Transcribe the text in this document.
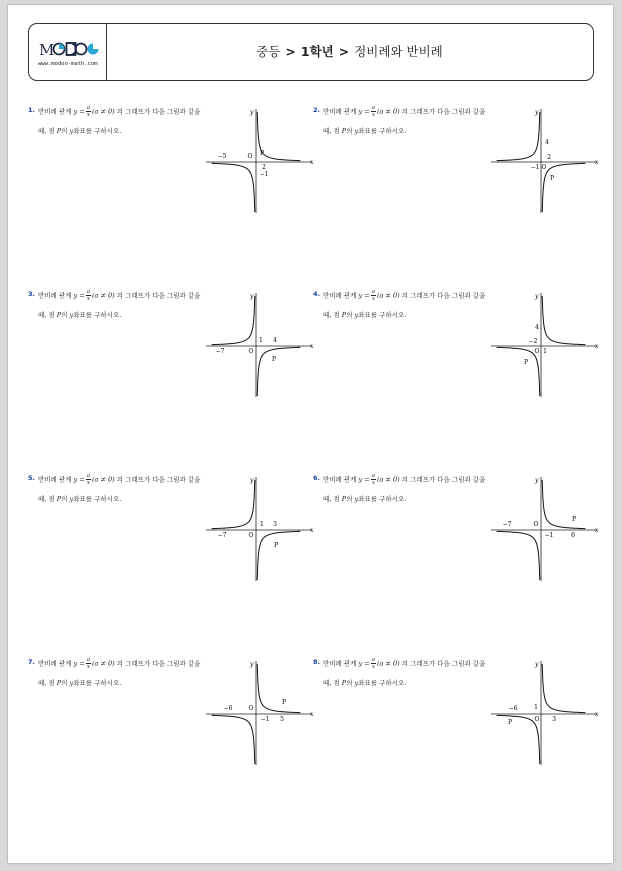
M
www.modoo-math.com
중등 > 1학년 > 정비례와 반비례
1. 반비례 관계 $y = \frac{a}{x} (a \ne 0)$ 의 그래프가 다음 그림과 같을
때, 점 P의 y좌표를 구하시오.
x
y
−5	O P
2
−1
2. 반비례 관계 $y = \frac{a}{x} (a \ne 0)$ 의 그래프가 다음 그림과 같을
때, 점 P의 y좌표를 구하시오.
x
y
4
2
−1 O
P
3. 반비례 관계 $y = \frac{a}{x} (a \ne 0)$ 의 그래프가 다음 그림과 같을
때, 점 P의 y좌표를 구하시오.
x
y
1 4
−7	O
P
4. 반비례 관계 $y = \frac{a}{x} (a \ne 0)$ 의 그래프가 다음 그림과 같을
때, 점 P의 y좌표를 구하시오.
x
y
4
−2
O 1
P
5. 반비례 관계 $y = \frac{a}{x} (a \ne 0)$ 의 그래프가 다음 그림과 같을
때, 점 P의 y좌표를 구하시오.
x
y
1 3
−7	O
P
6. 반비례 관계 $y = \frac{a}{x} (a \ne 0)$ 의 그래프가 다음 그림과 같을
때, 점 P의 y좌표를 구하시오.
x
y
−7	O
P
−1	6
7. 반비례 관계 $y = \frac{a}{x} (a \ne 0)$ 의 그래프가 다음 그림과 같을
때, 점 P의 y좌표를 구하시오.
x
y
−6	O
P
−1 5
8. 반비례 관계 $y = \frac{a}{x} (a \ne 0)$ 의 그래프가 다음 그림과 같을
때, 점 P의 y좌표를 구하시오.
x
y
1
−6
O 3
P
